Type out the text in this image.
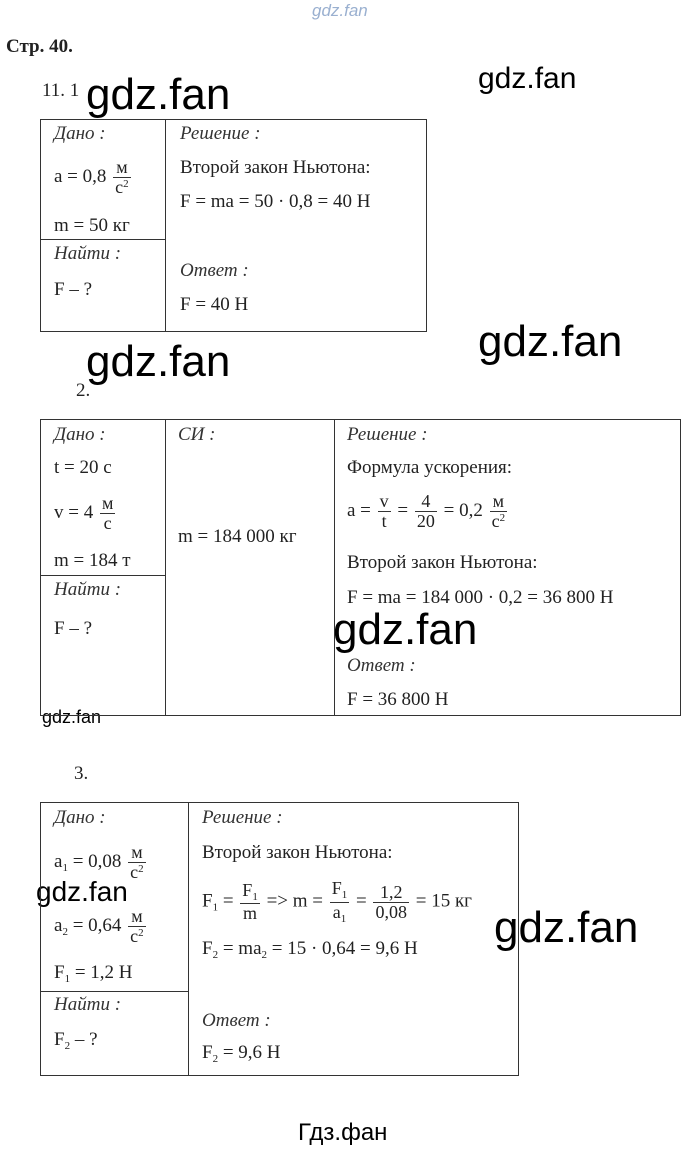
gdz.fan
Стр. 40.
11. 1 gdz.fan	gdz.fan
gdz.fan	gdz.fan
gdz.fan
gdz.fan
gdz.fan
gdz.fan
Дано :
$a = 0,8 \frac{м}{с^2}$
m = 50 кг
Найти :
F – ?
Решение :
Второй закон Ньютона:
F = ma = 50 · 0,8 = 40 Н
Ответ :
F = 40 Н
2.
Дано :
t = 20 с
$v = 4 \frac{м}{с}$
m = 184 т
Найти :
F – ?
СИ :
m = 184 000 кг
Решение :
Формула ускорения:
$a = \frac{v}{t} = \frac{4}{20} = 0,2 \frac{м}{с^2}$
Второй закон Ньютона:
F = ma = 184 000 · 0,2 = 36 800 Н
Ответ :
F = 36 800 Н
3.
Дано :
$a_1 = 0,08 \frac{м}{с^2}$
$a_2 = 0,64 \frac{м}{с^2}$
$F_1 = 1,2$ Н
Найти :
$F_2$ – ?
Решение :
Второй закон Ньютона:
$F_1 = \frac{F_1}{m} => m = \frac{F_1}{a_1} = \frac{1,2}{0,08} = 15$ кг
$F_2 = ma_2 = 15 \cdot 0,64 = 9,6$ Н
Ответ :
$F_2 = 9,6$ Н
Гдз.фан
